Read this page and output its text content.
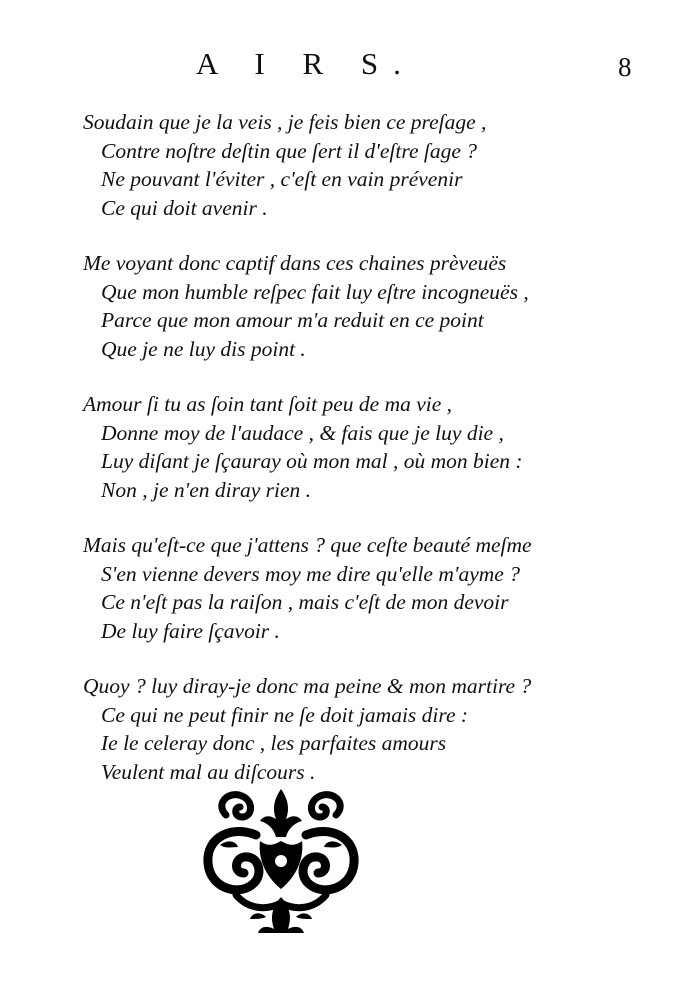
A I R S.	8
Soudain que je la veis , je feis bien ce preſage ,
Contre noſtre deſtin que ſert il d'eſtre ſage ?
Ne pouvant l'éviter , c'eſt en vain prévenir
Ce qui doit avenir .
Me voyant donc captif dans ces chaines prèveuës
Que mon humble reſpec fait luy eſtre incogneuës ,
Parce que mon amour m'a reduit en ce point
Que je ne luy dis point .
Amour ſi tu as ſoin tant ſoit peu de ma vie ,
Donne moy de l'audace , & fais que je luy die ,
Luy diſant je ſçauray où mon mal , où mon bien :
Non , je n'en diray rien .
Mais qu'eſt-ce que j'attens ? que ceſte beauté meſme
S'en vienne devers moy me dire qu'elle m'ayme ?
Ce n'eſt pas la raiſon , mais c'eſt de mon devoir
De luy faire ſçavoir .
Quoy ? luy diray-je donc ma peine & mon martire ?
Ce qui ne peut finir ne ſe doit jamais dire :
Ie le celeray donc , les parfaites amours
Veulent mal au diſcours .
